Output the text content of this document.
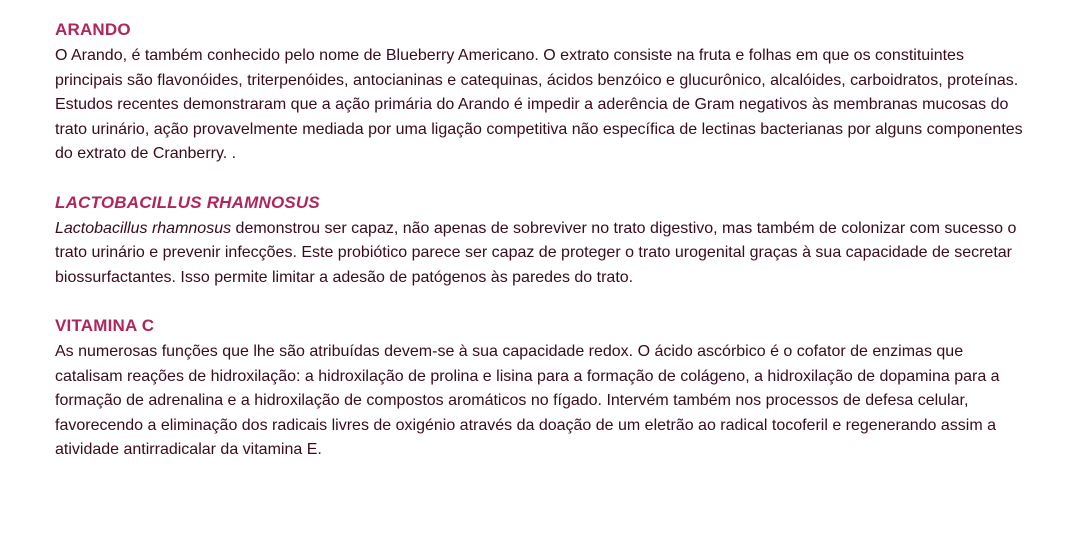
ARANDO

O Arando, é também conhecido pelo nome de Blueberry Americano. O extrato consiste na fruta e folhas em que os constituintes principais são flavonóides, triterpenóides, antocianinas e catequinas, ácidos benzóico e glucurônico, alcalóides, carboidratos, proteínas. Estudos recentes demonstraram que a ação primária do Arando é impedir a aderência de Gram negativos às membranas mucosas do trato urinário, ação provavelmente mediada por uma ligação competitiva não específica de lectinas bacterianas por alguns componentes do extrato de Cranberry. .

LACTOBACILLUS RHAMNOSUS

Lactobacillus rhamnosus demonstrou ser capaz, não apenas de sobreviver no trato digestivo, mas também de colonizar com sucesso o trato urinário e prevenir infecções. Este probiótico parece ser capaz de proteger o trato urogenital graças à sua capacidade de secretar biossurfactantes. Isso permite limitar a adesão de patógenos às paredes do trato.

VITAMINA C

As numerosas funções que lhe são atribuídas devem-se à sua capacidade redox. O ácido ascórbico é o cofator de enzimas que catalisam reações de hidroxilação: a hidroxilação de prolina e lisina para a formação de colágeno, a hidroxilação de dopamina para a formação de adrenalina e a hidroxilação de compostos aromáticos no fígado. Intervém também nos processos de defesa celular, favorecendo a eliminação dos radicais livres de oxigénio através da doação de um eletrão ao radical tocoferil e regenerando assim a atividade antirradicalar da vitamina E.
